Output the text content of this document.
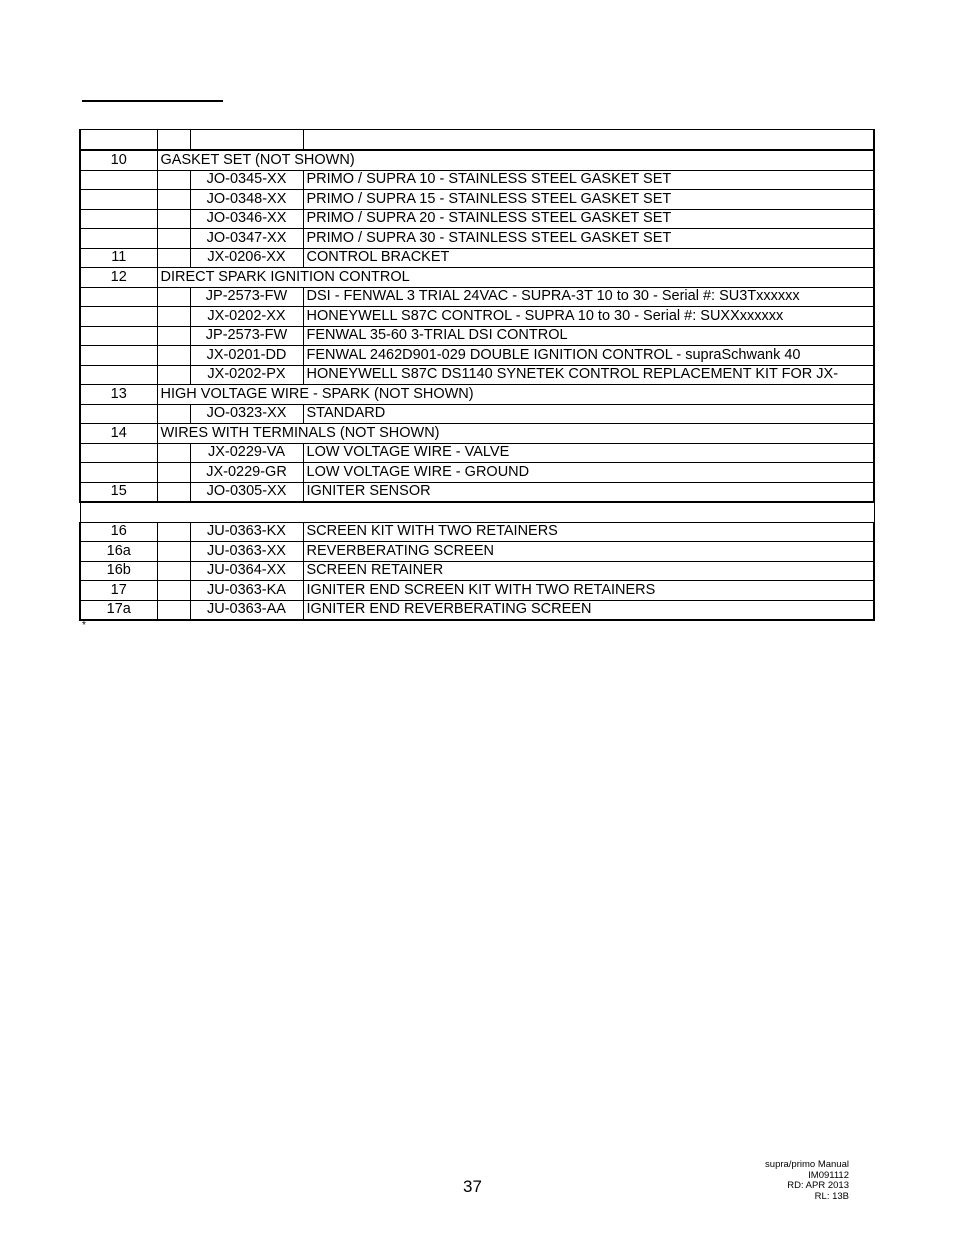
10	GASKET SET (NOT SHOWN)		
		JO-0345-XX	PRIMO / SUPRA 10 - STAINLESS STEEL GASKET SET
		JO-0348-XX	PRIMO / SUPRA 15 - STAINLESS STEEL GASKET SET
		JO-0346-XX	PRIMO / SUPRA 20 - STAINLESS STEEL GASKET SET
		JO-0347-XX	PRIMO / SUPRA 30 - STAINLESS STEEL GASKET SET
11		JX-0206-XX	CONTROL BRACKET
12	DIRECT SPARK IGNITION CONTROL		
		JP-2573-FW	DSI - FENWAL 3 TRIAL 24VAC - SUPRA-3T 10 to 30 - Serial #: SU3Txxxxxx
		JX-0202-XX	HONEYWELL S87C CONTROL - SUPRA 10 to 30 - Serial #: SUXXxxxxxx
		JP-2573-FW	FENWAL 35-60 3-TRIAL DSI CONTROL
		JX-0201-DD	FENWAL 2462D901-029 DOUBLE IGNITION CONTROL - supraSchwank 40
		JX-0202-PX	HONEYWELL S87C DS1140 SYNETEK CONTROL REPLACEMENT KIT FOR JX-
13	HIGH VOLTAGE WIRE - SPARK (NOT SHOWN)		
		JO-0323-XX	STANDARD
14	WIRES WITH TERMINALS (NOT SHOWN)		
		JX-0229-VA	LOW VOLTAGE WIRE - VALVE
		JX-0229-GR	LOW VOLTAGE WIRE - GROUND
15		JO-0305-XX	IGNITER SENSOR

16		JU-0363-KX	SCREEN KIT WITH TWO RETAINERS
16a		JU-0363-XX	REVERBERATING SCREEN
16b		JU-0364-XX	SCREEN RETAINER
17		JU-0363-KA	IGNITER END SCREEN KIT WITH TWO RETAINERS
17a		JU-0363-AA	IGNITER END REVERBERATING SCREEN
*
37
supra/primo Manual
IM091112
RD: APR 2013
RL: 13B
